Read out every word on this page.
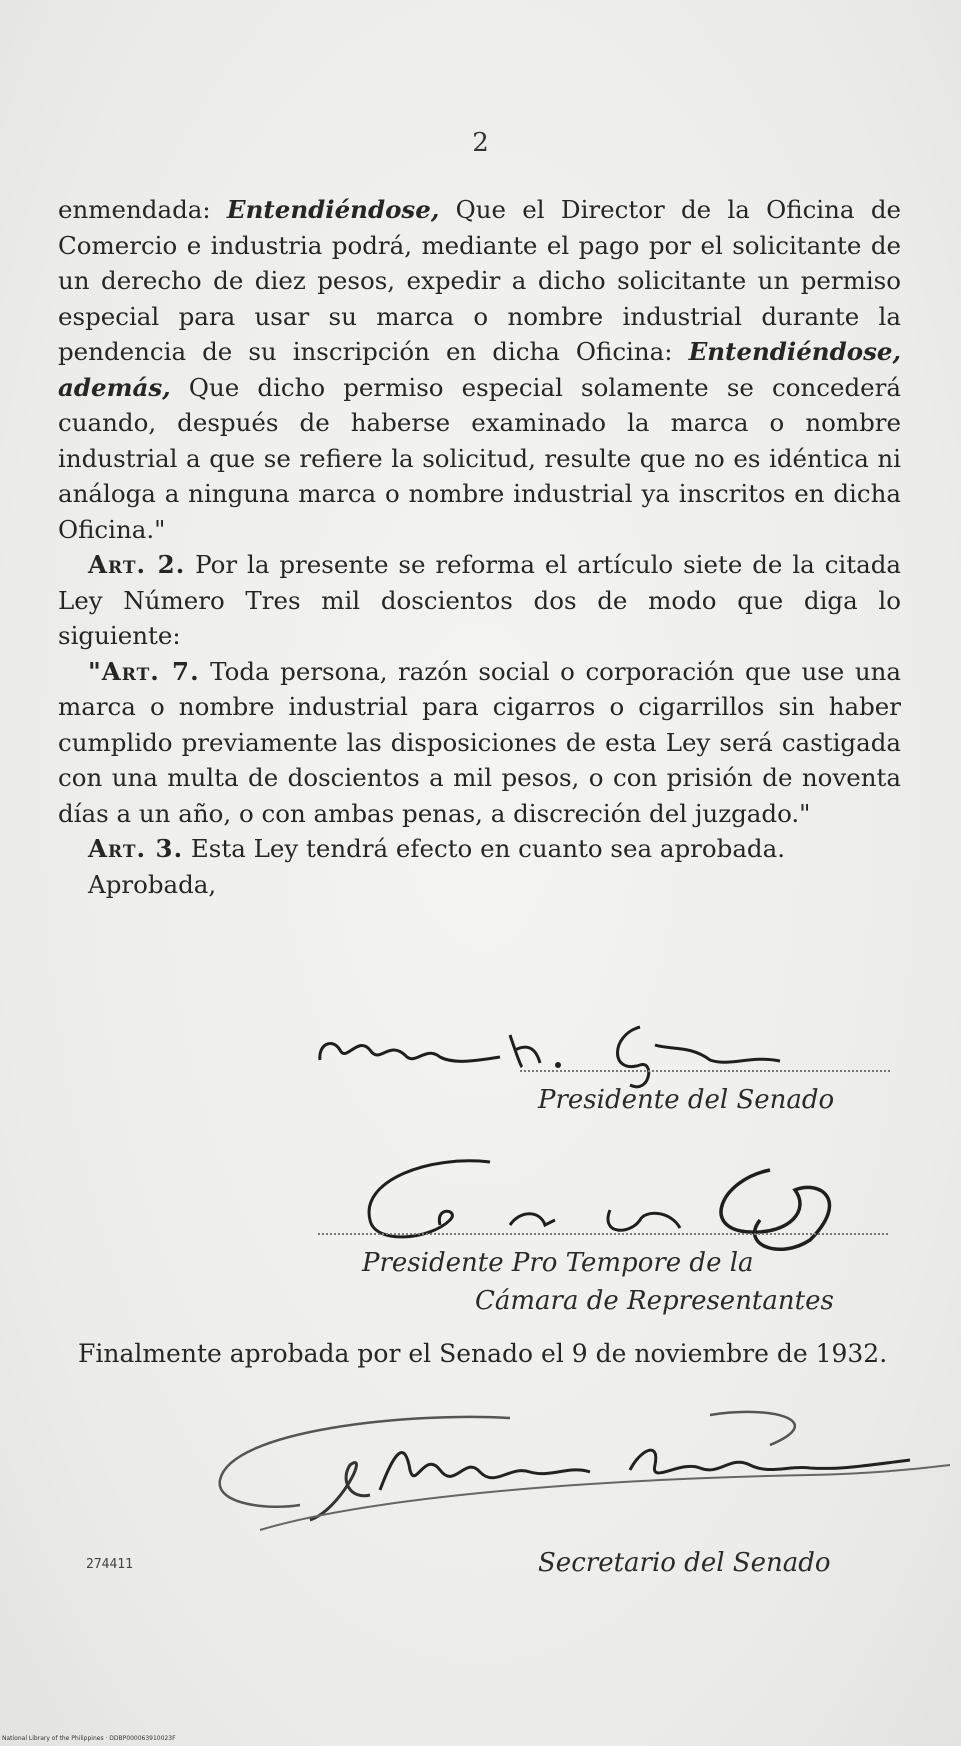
2

enmendada: Entendiéndose, Que el Director de la Oficina de Comercio e industria podrá, mediante el pago por el solicitante de un derecho de diez pesos, expedir a dicho solicitante un permiso especial para usar su marca o nombre industrial durante la pendencia de su inscripción en dicha Oficina: Entendiéndose, además, Que dicho permiso especial solamente se concederá cuando, después de haberse examinado la marca o nombre industrial a que se refiere la solicitud, resulte que no es idéntica ni análoga a ninguna marca o nombre industrial ya inscritos en dicha Oficina."

Art. 2. Por la presente se reforma el artículo siete de la citada Ley Número Tres mil doscientos dos de modo que diga lo siguiente:

"Art. 7. Toda persona, razón social o corporación que use una marca o nombre industrial para cigarros o cigarrillos sin haber cumplido previamente las disposiciones de esta Ley será castigada con una multa de doscientos a mil pesos, o con prisión de noventa días a un año, o con ambas penas, a discreción del juzgado."

Art. 3. Esta Ley tendrá efecto en cuanto sea aprobada.

Aprobada,

Presidente del Senado
Presidente Pro Tempore de la
Cámara de Representantes

Finalmente aprobada por el Senado el 9 de noviembre de 1932.

Secretario del Senado
274411
National Library of the Philippines · DDBP000063910023F
